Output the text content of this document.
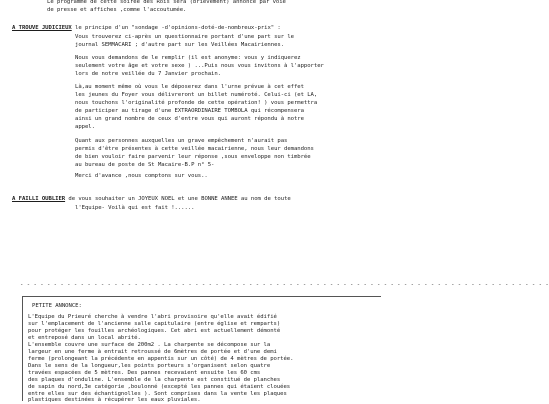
Le programme de cette soirée des Rois sera (brièvement) annoncé par voie
de presse et affiches ,comme l'accoutumée.
A TROUVE JUDICIEUX le principe d'un "sondage -d'opinions-doté-de-nombreux-prix" :
Vous trouverez ci-après un questionnaire portant d'une part sur le
journal SEMMACARI ; d'autre part sur les Veillées Macairiennes.
Nous vous demandons de le remplir (il est anonyme: vous y indiquerez
seulement votre âge et votre sexe ) ...Puis nous vous invitons à l'apporter
lors de notre veillée du 7 Janvier prochain.
Là,au moment même où vous le déposerez dans l'urne prévue à cet effet
les jeunes du Foyer vous délivreront un billet numéroté. Celui-ci (et LA,
nous touchons l'originalité profonde de cette opération! ) vous permettra
de participer au tirage d'une EXTRAORDINAIRE TOMBOLA qui récompensera
ainsi un grand nombre de ceux d'entre vous qui auront répondu à notre
appel.
Quant aux personnes auxquelles un grave empêchement n'aurait pas
permis d'être présentes à cette veillée macairienne, nous leur demandons
de bien vouloir faire parvenir leur réponse ,sous enveloppe non timbrée
au bureau de poste de St Macaire-B.P n° 5-
Merci d'avance ,nous comptons sur vous..
A FAILLI OUBLIER de vous souhaiter un JOYEUX NOEL et une BONNE ANNEE au nom de toute
l'Equipe- Voilà qui est fait !......
- - - - - - - - - - - - - - - - - - - - - - - - - - - - - - - - - - - - - - - - - - - - - - - - - - - - - - - - - - - - - - - - - - - - - - - - - - - - - - -
PETITE ANNONCE:
L'Equipe du Prieuré cherche à vendre l'abri provisoire qu'elle avait édifié
sur l'emplacement de l'ancienne salle capitulaire (entre église et remparts)
pour protéger les fouilles archéologiques. Cet abri est actuellement démonté
et entreposé dans un local abrité.
L'ensemble couvre une surface de 200m2 . La charpente se décompose sur la
largeur en une ferme à entrait retroussé de 6mètres de portée et d'une demi
ferme (prolongeant la précédente en appentis sur un côté) de 4 mètres de portée.
Dans le sens de la longueur,les points porteurs s'organisent selon quatre
travées espacées de 5 mètres. Des pannes recevaient ensuite les 60 cms
des plaques d'onduline. L'ensemble de la charpente est constitué de planches
de sapin du nord,3e catégorie ,boulonné (excepté les pannes qui étaient clouées
entre elles sur des échantignolles ). Sont comprises dans la vente les plaques
plastiques destinées à récupérer les eaux pluviales.
